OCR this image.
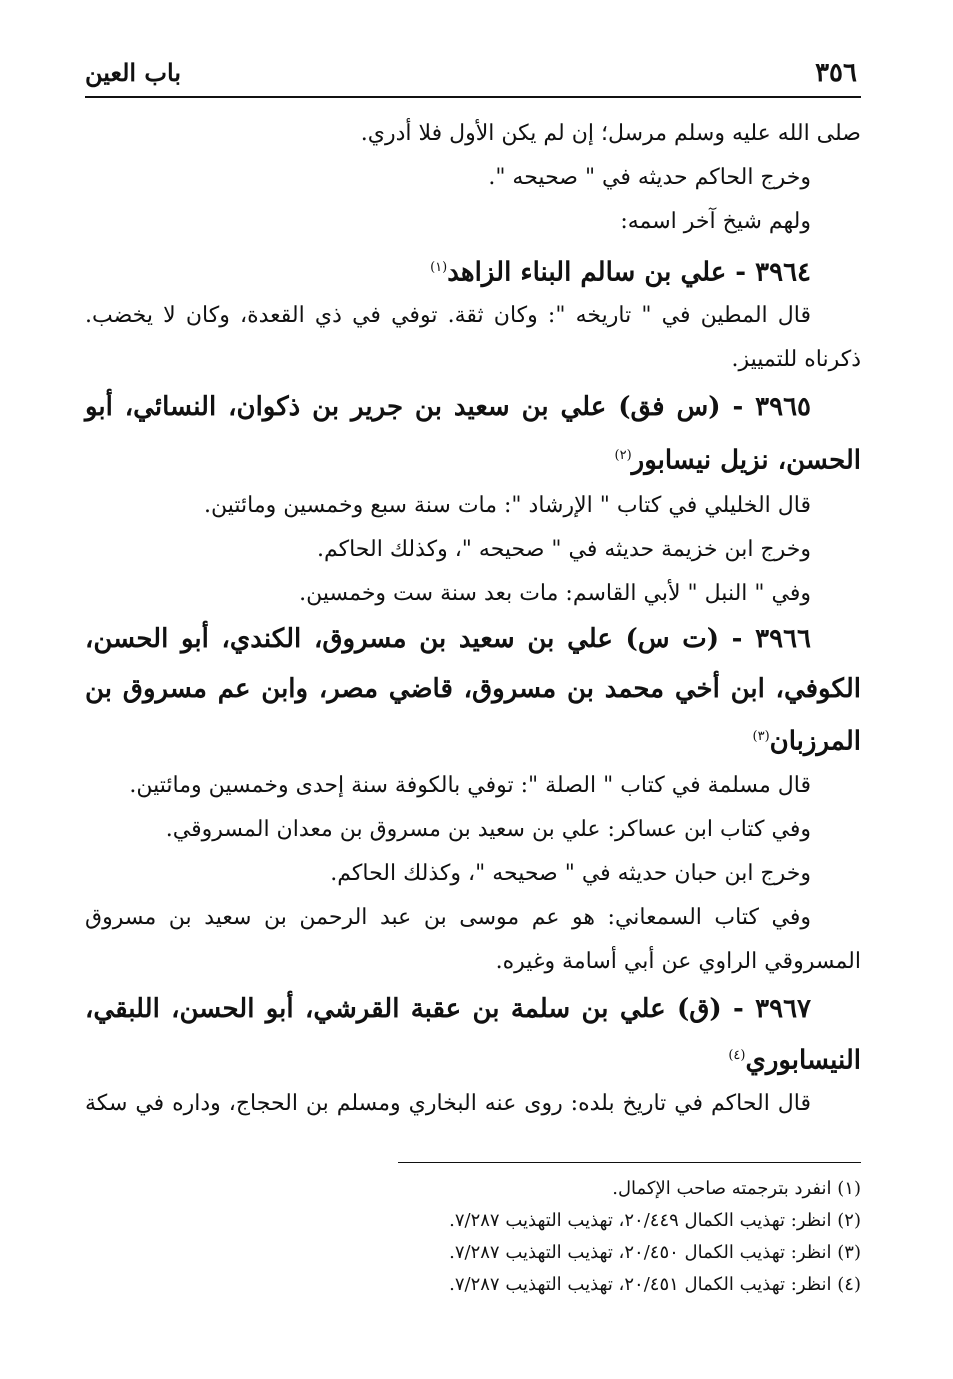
٣٥٦
باب العين
صلى الله عليه وسلم مرسل؛ إن لم يكن الأول فلا أدري.
وخرج الحاكم حديثه في " صحيحه ".
ولهم شيخ آخر اسمه:
٣٩٦٤ - علي بن سالم البناء الزاهد$^{(١)}$
قال المطين في " تاريخه ": وكان ثقة. توفي في ذي القعدة، وكان لا يخضب.
ذكرناه للتمييز.
٣٩٦٥ - (س فق) علي بن سعيد بن جرير بن ذكوان، النسائي، أبو
الحسن، نزيل نيسابور$^{(٢)}$
قال الخليلي في كتاب " الإرشاد ": مات سنة سبع وخمسين ومائتين.
وخرج ابن خزيمة حديثه في " صحيحه "، وكذلك الحاكم.
وفي " النبل " لأبي القاسم: مات بعد سنة ست وخمسين.
٣٩٦٦ - (ت س) علي بن سعيد بن مسروق، الكندي، أبو الحسن،
الكوفي، ابن أخي محمد بن مسروق، قاضي مصر، وابن عم مسروق بن
المرزبان$^{(٣)}$
قال مسلمة في كتاب " الصلة ": توفي بالكوفة سنة إحدى وخمسين ومائتين.
وفي كتاب ابن عساكر: علي بن سعيد بن مسروق بن معدان المسروقي.
وخرج ابن حبان حديثه في " صحيحه "، وكذلك الحاكم.
وفي كتاب السمعاني: هو عم موسى بن عبد الرحمن بن سعيد بن مسروق
المسروقي الراوي عن أبي أسامة وغيره.
٣٩٦٧ - (ق) علي بن سلمة بن عقبة القرشي، أبو الحسن، اللبقي،
النيسابوري$^{(٤)}$
قال الحاكم في تاريخ بلده: روى عنه البخاري ومسلم بن الحجاج، وداره في سكة
(١) انفرد بترجمته صاحب الإكمال.
(٢) انظر: تهذيب الكمال ٢٠/٤٤٩، تهذيب التهذيب ٧/٢٨٧.
(٣) انظر: تهذيب الكمال ٢٠/٤٥٠، تهذيب التهذيب ٧/٢٨٧.
(٤) انظر: تهذيب الكمال ٢٠/٤٥١، تهذيب التهذيب ٧/٢٨٧.
